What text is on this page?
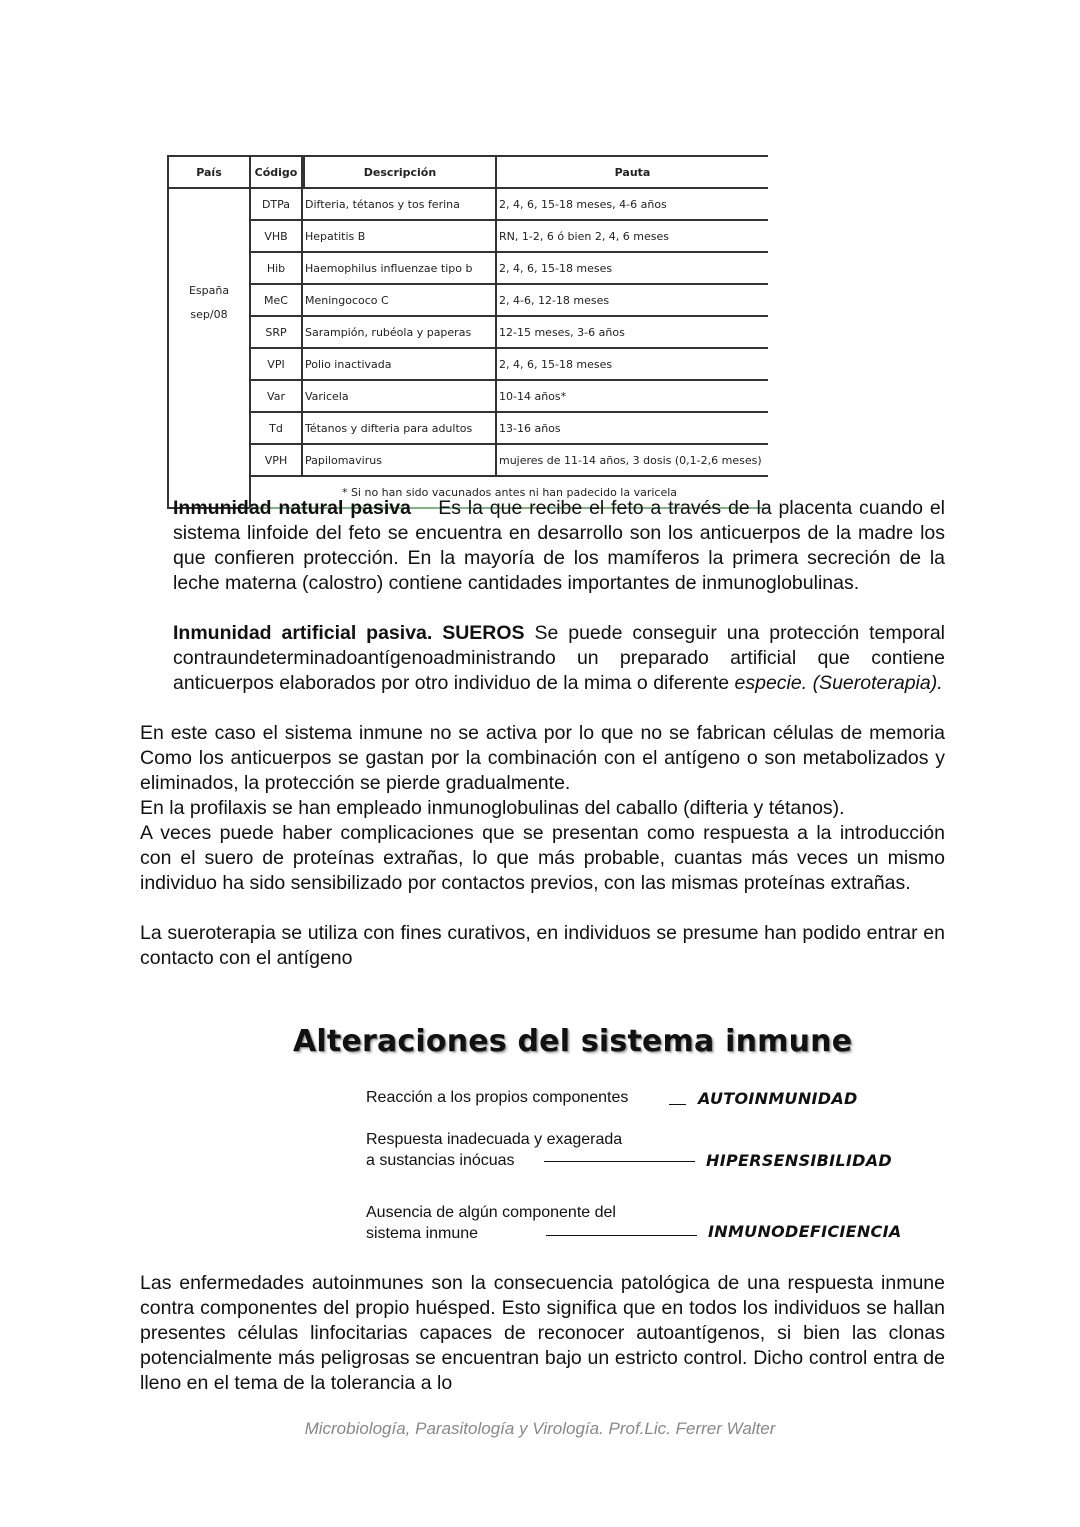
País	Código	Descripción	Pauta

España
sep/08	DTPa	Difteria, tétanos y tos ferina	2, 4, 6, 15-18 meses, 4-6 años
	VHB	Hepatitis B	RN, 1-2, 6 ó bien 2, 4, 6 meses
	Hib	Haemophilus influenzae tipo b	2, 4, 6, 15-18 meses
	MeC	Meningococo C	2, 4-6, 12-18 meses
	SRP	Sarampión, rubéola y paperas	12-15 meses, 3-6 años
	VPI	Polio inactivada	2, 4, 6, 15-18 meses
	Var	Varicela	10-14 años*
	Td	Tétanos y difteria para adultos	13-16 años
	VPH	Papilomavirus	mujeres de 11-14 años, 3 dosis (0,1-2,6 meses)
	* Si no han sido vacunados antes ni han padecido la varicela		

Inmunidad natural pasiva Es la que recibe el feto a través de la placenta cuando el sistema linfoide del feto se encuentra en desarrollo son los anticuerpos de la madre los que confieren protección. En la mayoría de los mamíferos la primera secreción de la leche materna (calostro) contiene cantidades importantes de inmunoglobulinas.

Inmunidad artificial pasiva. SUEROS Se puede conseguir una protección temporal contraundeterminadoantígenoadministrando un preparado artificial que contiene anticuerpos elaborados por otro individuo de la mima o diferente especie. (Sueroterapia).

En este caso el sistema inmune no se activa por lo que no se fabrican células de memoria Como los anticuerpos se gastan por la combinación con el antígeno o son metabolizados y eliminados, la protección se pierde gradualmente.

En la profilaxis se han empleado inmunoglobulinas del caballo (difteria y tétanos).

A veces puede haber complicaciones que se presentan como respuesta a la introducción con el suero de proteínas extrañas, lo que más probable, cuantas más veces un mismo individuo ha sido sensibilizado por contactos previos, con las mismas proteínas extrañas.

La sueroterapia se utiliza con fines curativos, en individuos se presume han podido entrar en contacto con el antígeno

Alteraciones del sistema inmune
Reacción a los propios componentes	AUTOINMUNIDAD
Respuesta inadecuada y exagerada
a sustancias inócuas	HIPERSENSIBILIDAD
Ausencia de algún componente del
sistema inmune	INMUNODEFICIENCIA

Las enfermedades autoinmunes son la consecuencia patológica de una respuesta inmune contra componentes del propio huésped. Esto significa que en todos los individuos se hallan presentes células linfocitarias capaces de reconocer autoantígenos, si bien las clonas potencialmente más peligrosas se encuentran bajo un estricto control. Dicho control entra de lleno en el tema de la tolerancia a lo

Microbiología, Parasitología y Virología. Prof.Lic. Ferrer Walter
